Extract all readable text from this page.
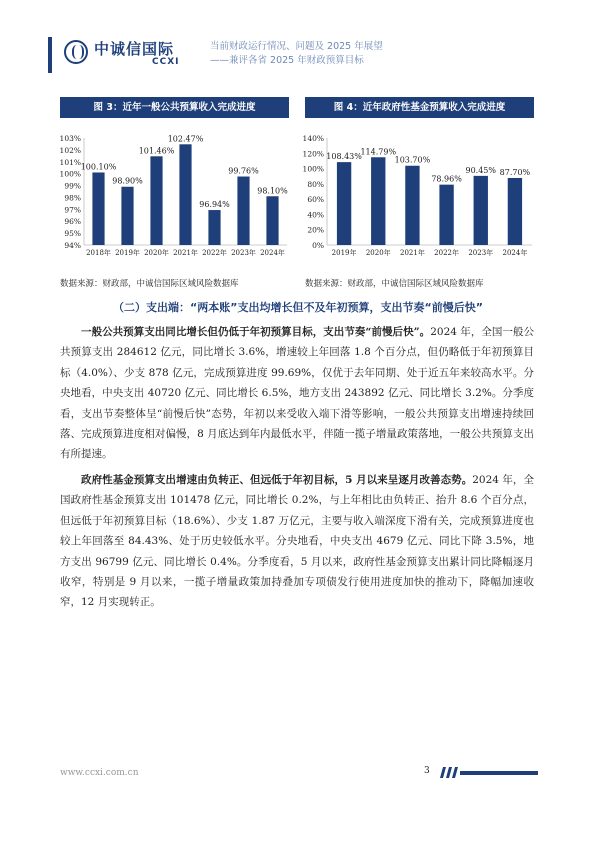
中诚信国际
CCXI
当前财政运行情况、问题及 2025 年展望
——兼评各省 2025 年财政预算目标
图 3：近年一般公共预算收入完成进度
94%
95%
96%
97%
98%
99%
100%
101%
102%
103%
100.10%
2018年
98.90%
2019年
101.46%
2020年
102.47%
2021年
96.94%
2022年
99.76%
2023年
98.10%
2024年
数据来源：财政部，中诚信国际区域风险数据库
图 4：近年政府性基金预算收入完成进度
0%
20%
40%
60%
80%
100%
120%
140%
108.43%
2019年
114.79%
2020年
103.70%
2021年
78.96%
2022年
90.45%
2023年
87.70%
2024年
数据来源：财政部，中诚信国际区域风险数据库
（二）支出端：“两本账”支出均增长但不及年初预算，支出节奏“前慢后快”
一般公共预算支出同比增长但仍低于年初预算目标，支出节奏“前慢后快”。2024 年，全国一般公共预算支出 284612 亿元，同比增长 3.6%，增速较上年回落 1.8 个百分点，但仍略低于年初预算目标（4.0%）、少支 878 亿元，完成预算进度 99.69%，仅优于去年同期、处于近五年来较高水平。分央地看，中央支出 40720 亿元、同比增长 6.5%，地方支出 243892 亿元、同比增长 3.2%。分季度看，支出节奏整体呈“前慢后快”态势，年初以来受收入端下滑等影响，一般公共预算支出增速持续回落、完成预算进度相对偏慢，8 月底达到年内最低水平，伴随一揽子增量政策落地，一般公共预算支出有所提速。
政府性基金预算支出增速由负转正、但远低于年初目标，5 月以来呈逐月改善态势。2024 年，全国政府性基金预算支出 101478 亿元，同比增长 0.2%，与上年相比由负转正、抬升 8.6 个百分点，但远低于年初预算目标（18.6%）、少支 1.87 万亿元，主要与收入端深度下滑有关，完成预算进度也较上年回落至 84.43%、处于历史较低水平。分央地看，中央支出 4679 亿元、同比下降 3.5%，地方支出 96799 亿元、同比增长 0.4%。分季度看，5 月以来，政府性基金预算支出累计同比降幅逐月收窄，特别是 9 月以来，一揽子增量政策加持叠加专项债发行使用进度加快的推动下，降幅加速收窄，12 月实现转正。
www.ccxi.com.cn	3
